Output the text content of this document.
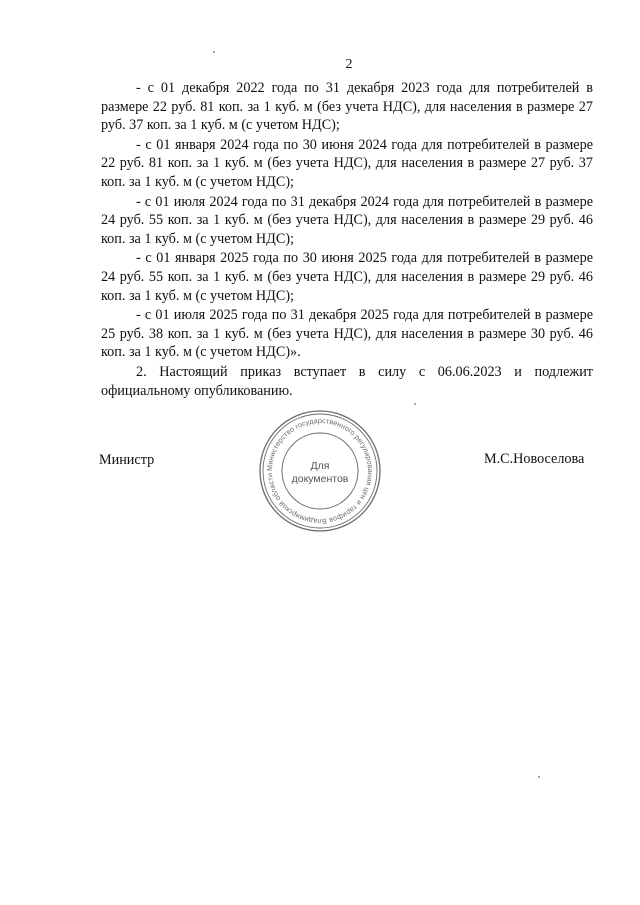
2

- с 01 декабря 2022 года по 31 декабря 2023 года для потребителей в размере 22 руб. 81 коп. за 1 куб. м (без учета НДС), для населения в размере 27 руб. 37 коп. за 1 куб. м (с учетом НДС);

- с 01 января 2024 года по 30 июня 2024 года для потребителей в размере 22 руб. 81 коп. за 1 куб. м (без учета НДС), для населения в размере 27 руб. 37 коп. за 1 куб. м (с учетом НДС);

- с 01 июля 2024 года по 31 декабря 2024 года для потребителей в размере 24 руб. 55 коп. за 1 куб. м (без учета НДС), для населения в размере 29 руб. 46 коп. за 1 куб. м (с учетом НДС);

- с 01 января 2025 года по 30 июня 2025 года для потребителей в размере 24 руб. 55 коп. за 1 куб. м (без учета НДС), для населения в размере 29 руб. 46 коп. за 1 куб. м (с учетом НДС);

- с 01 июля 2025 года по 31 декабря 2025 года для потребителей в размере 25 руб. 38 коп. за 1 куб. м (без учета НДС), для населения в размере 30 руб. 46 коп. за 1 куб. м (с учетом НДС)».

2. Настоящий приказ вступает в силу с 06.06.2023 и подлежит официальному опубликованию.

Министр	М.С.Новоселова
Министерство государственного регулирования цен и тарифов Владимирской области
Для
документов
